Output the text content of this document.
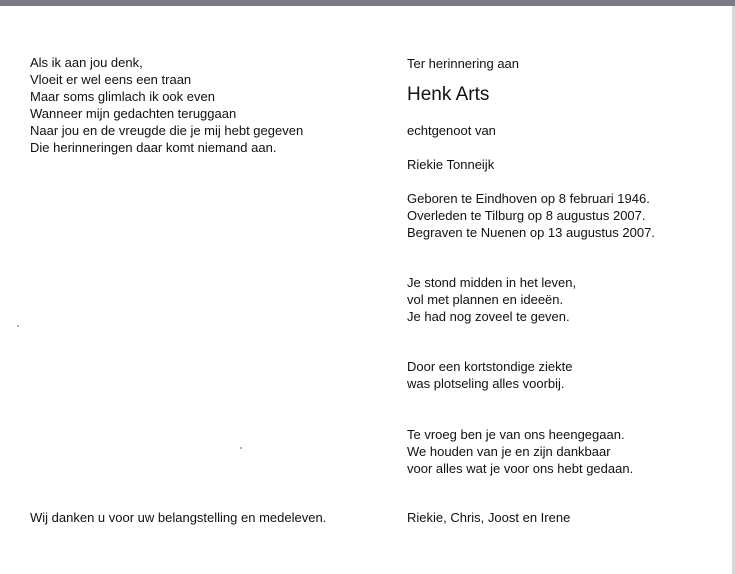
Als ik aan jou denk,
Vloeit er wel eens een traan
Maar soms glimlach ik ook even
Wanneer mijn gedachten teruggaan
Naar jou en de vreugde die je mij hebt gegeven
Die herinneringen daar komt niemand aan.
Wij danken u voor uw belangstelling en medeleven.
Ter herinnering aan
Henk Arts
echtgenoot van
Riekie Tonneijk
Geboren te Eindhoven op 8 februari 1946.
Overleden te Tilburg op 8 augustus 2007.
Begraven te Nuenen op 13 augustus 2007.
Je stond midden in het leven,
vol met plannen en ideeën.
Je had nog zoveel te geven.
Door een kortstondige ziekte
was plotseling alles voorbij.
Te vroeg ben je van ons heengegaan.
We houden van je en zijn dankbaar
voor alles wat je voor ons hebt gedaan.
Riekie, Chris, Joost en Irene
